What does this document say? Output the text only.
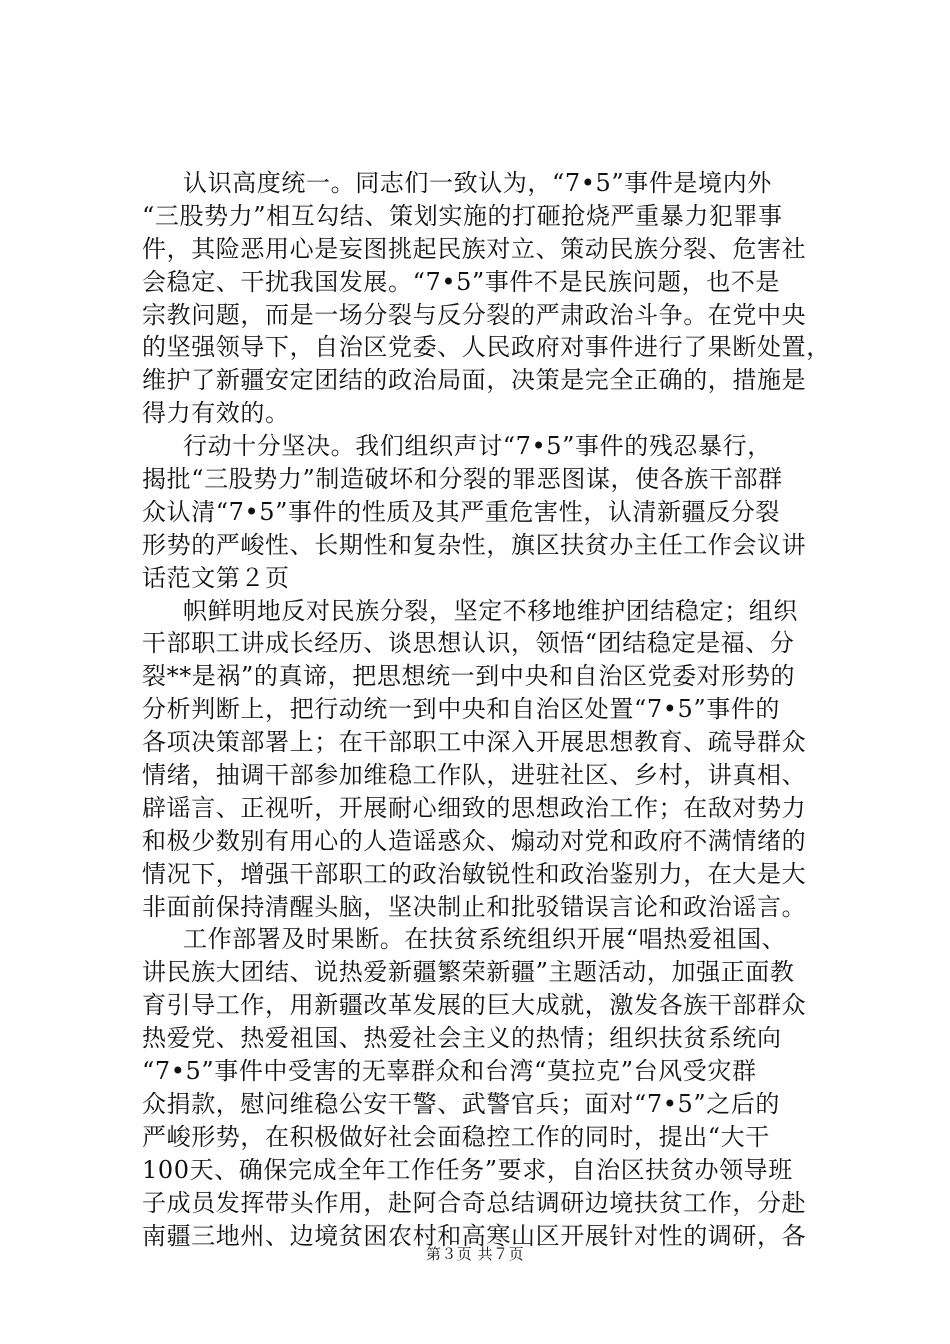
认识高度统一。同志们一致认为，“7•5”事件是境内外
“三股势力”相互勾结、策划实施的打砸抢烧严重暴力犯罪事
件，其险恶用心是妄图挑起民族对立、策动民族分裂、危害社
会稳定、干扰我国发展。“7•5”事件不是民族问题，也不是
宗教问题，而是一场分裂与反分裂的严肃政治斗争。在党中央
的坚强领导下，自治区党委、人民政府对事件进行了果断处置，
维护了新疆安定团结的政治局面，决策是完全正确的，措施是
得力有效的。
行动十分坚决。我们组织声讨“7•5”事件的残忍暴行，
揭批“三股势力”制造破坏和分裂的罪恶图谋，使各族干部群
众认清“7•5”事件的性质及其严重危害性，认清新疆反分裂
形势的严峻性、长期性和复杂性，旗区扶贫办主任工作会议讲
话范文第２页
帜鲜明地反对民族分裂，坚定不移地维护团结稳定；组织
干部职工讲成长经历、谈思想认识，领悟“团结稳定是福、分
裂**是祸”的真谛，把思想统一到中央和自治区党委对形势的
分析判断上，把行动统一到中央和自治区处置“7•5”事件的
各项决策部署上；在干部职工中深入开展思想教育、疏导群众
情绪，抽调干部参加维稳工作队，进驻社区、乡村，讲真相、
辟谣言、正视听，开展耐心细致的思想政治工作；在敌对势力
和极少数别有用心的人造谣惑众、煽动对党和政府不满情绪的
情况下，增强干部职工的政治敏锐性和政治鉴别力，在大是大
非面前保持清醒头脑，坚决制止和批驳错误言论和政治谣言。
工作部署及时果断。在扶贫系统组织开展“唱热爱祖国、
讲民族大团结、说热爱新疆繁荣新疆”主题活动，加强正面教
育引导工作，用新疆改革发展的巨大成就，激发各族干部群众
热爱党、热爱祖国、热爱社会主义的热情；组织扶贫系统向
“7•5”事件中受害的无辜群众和台湾“莫拉克”台风受灾群
众捐款，慰问维稳公安干警、武警官兵；面对“7•5”之后的
严峻形势，在积极做好社会面稳控工作的同时，提出“大干
100天、确保完成全年工作任务”要求，自治区扶贫办领导班
子成员发挥带头作用，赴阿合奇总结调研边境扶贫工作，分赴
南疆三地州、边境贫困农村和高寒山区开展针对性的调研，各
第３页 共７页
